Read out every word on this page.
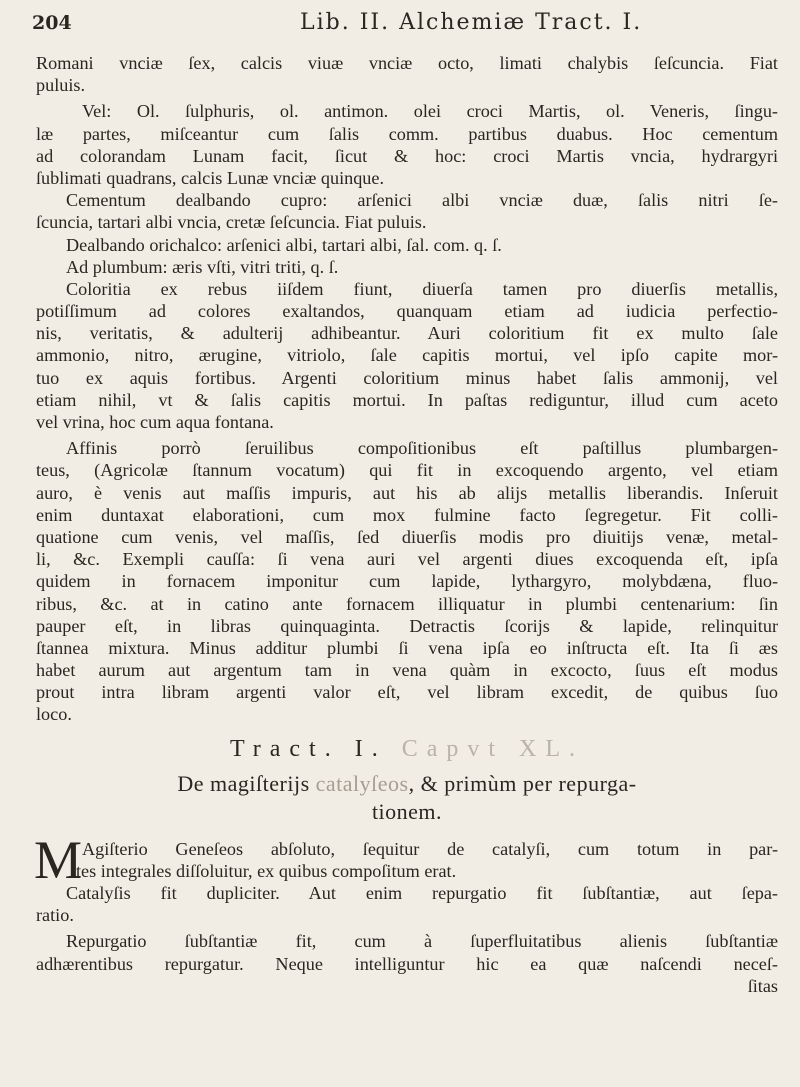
204	Lib. II. Alchemiæ Tract. I.
Romani vnciæ ſex, calcis viuæ vnciæ octo, limati chalybis ſeſcuncia. Fiat
puluis.
Vel: Ol. ſulphuris, ol. antimon. olei croci Martis, ol. Veneris, ſingu-
læ partes, miſceantur cum ſalis comm. partibus duabus. Hoc cementum
ad colorandam Lunam facit, ſicut & hoc: croci Martis vncia, hydrargyri
ſublimati quadrans, calcis Lunæ vnciæ quinque.
Cementum dealbando cupro: arſenici albi vnciæ duæ, ſalis nitri ſe-
ſcuncia, tartari albi vncia, cretæ ſeſcuncia. Fiat puluis.
Dealbando orichalco: arſenici albi, tartari albi, ſal. com. q. ſ.
Ad plumbum: æris vſti, vitri triti, q. ſ.
Coloritia ex rebus iiſdem fiunt, diuerſa tamen pro diuerſis metallis,
potiſſimum ad colores exaltandos, quanquam etiam ad iudicia perfectio-
nis, veritatis, & adulterij adhibeantur. Auri coloritium fit ex multo ſale
ammonio, nitro, ærugine, vitriolo, ſale capitis mortui, vel ipſo capite mor-
tuo ex aquis fortibus. Argenti coloritium minus habet ſalis ammonij, vel
etiam nihil, vt & ſalis capitis mortui. In paſtas rediguntur, illud cum aceto
vel vrina, hoc cum aqua fontana.
Affinis porrò ſeruilibus compoſitionibus eſt paſtillus plumbargen-
teus, (Agricolæ ſtannum vocatum) qui fit in excoquendo argento, vel etiam
auro, è venis aut maſſis impuris, aut his ab alijs metallis liberandis. Inſeruit
enim duntaxat elaborationi, cum mox fulmine facto ſegregetur. Fit colli-
quatione cum venis, vel maſſis, ſed diuerſis modis pro diuitijs venæ, metal-
li, &c. Exempli cauſſa: ſi vena auri vel argenti diues excoquenda eſt, ipſa
quidem in fornacem imponitur cum lapide, lythargyro, molybdæna, fluo-
ribus, &c. at in catino ante fornacem illiquatur in plumbi centenarium: ſin
pauper eſt, in libras quinquaginta. Detractis ſcorijs & lapide, relinquitur
ſtannea mixtura. Minus additur plumbi ſi vena ipſa eo inſtructa eſt. Ita ſi æs
habet aurum aut argentum tam in vena quàm in excocto, ſuus eſt modus
prout intra libram argenti valor eſt, vel libram excedit, de quibus ſuo
loco.
Tract. I. Capvt XL.
De magiſterijs catalyſeos, & primùm per repurga-
tionem.
M Agiſterio Geneſeos abſoluto, ſequitur de catalyſi, cum totum in par-
tes integrales diſſoluitur, ex quibus compoſitum erat.
Catalyſis fit dupliciter. Aut enim repurgatio fit ſubſtantiæ, aut ſepa-
ratio.
Repurgatio ſubſtantiæ fit, cum à ſuperfluitatibus alienis ſubſtantiæ
adhærentibus repurgatur. Neque intelliguntur hic ea quæ naſcendi neceſ-
ſitas
